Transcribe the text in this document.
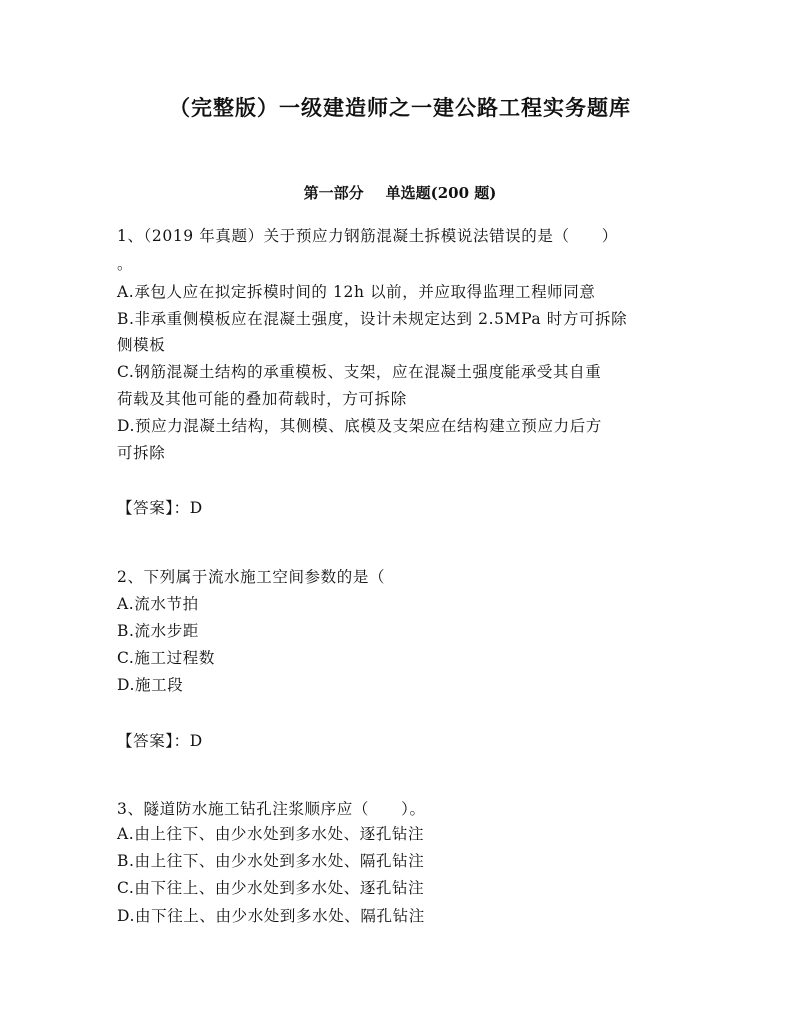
（完整版）一级建造师之一建公路工程实务题库
第一部分 单选题(200 题)
1、（2019 年真题）关于预应力钢筋混凝土拆模说法错误的是（　　）
。
A.承包人应在拟定拆模时间的 12h 以前，并应取得监理工程师同意
B.非承重侧模板应在混凝土强度，设计未规定达到 2.5MPa 时方可拆除
侧模板
C.钢筋混凝土结构的承重模板、支架，应在混凝土强度能承受其自重
荷载及其他可能的叠加荷载时，方可拆除
D.预应力混凝土结构，其侧模、底模及支架应在结构建立预应力后方
可拆除
【答案】：D
2、下列属于流水施工空间参数的是（
A.流水节拍
B.流水步距
C.施工过程数
D.施工段
【答案】：D
3、隧道防水施工钻孔注浆顺序应（　　）。
A.由上往下、由少水处到多水处、逐孔钻注
B.由上往下、由少水处到多水处、隔孔钻注
C.由下往上、由少水处到多水处、逐孔钻注
D.由下往上、由少水处到多水处、隔孔钻注
